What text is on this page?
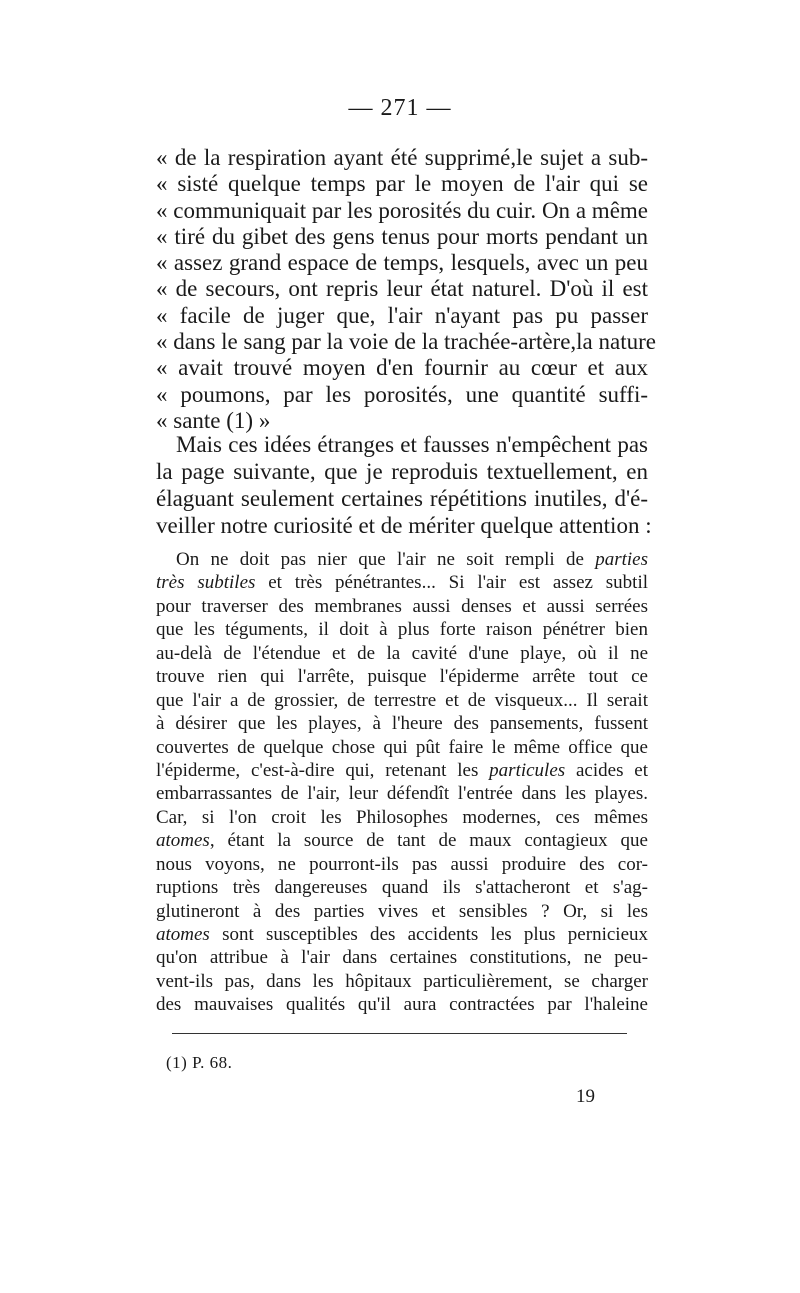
— 271 —
« de la respiration ayant été supprimé,le sujet a sub-
« sisté quelque temps par le moyen de l'air qui se
« communiquait par les porosités du cuir. On a même
« tiré du gibet des gens tenus pour morts pendant un
« assez grand espace de temps, lesquels, avec un peu
« de secours, ont repris leur état naturel. D'où il est
« facile de juger que, l'air n'ayant pas pu passer
« dans le sang par la voie de la trachée-artère,la nature
« avait trouvé moyen d'en fournir au cœur et aux
« poumons, par les porosités, une quantité suffi-
« sante (1) »
Mais ces idées étranges et fausses n'empêchent pas
la page suivante, que je reproduis textuellement, en
élaguant seulement certaines répétitions inutiles, d'é-
veiller notre curiosité et de mériter quelque attention :
On ne doit pas nier que l'air ne soit rempli de parties
très subtiles et très pénétrantes... Si l'air est assez subtil
pour traverser des membranes aussi denses et aussi serrées
que les téguments, il doit à plus forte raison pénétrer bien
au-delà de l'étendue et de la cavité d'une playe, où il ne
trouve rien qui l'arrête, puisque l'épiderme arrête tout ce
que l'air a de grossier, de terrestre et de visqueux... Il serait
à désirer que les playes, à l'heure des pansements, fussent
couvertes de quelque chose qui pût faire le même office que
l'épiderme, c'est-à-dire qui, retenant les particules acides et
embarrassantes de l'air, leur défendît l'entrée dans les playes.
Car, si l'on croit les Philosophes modernes, ces mêmes
atomes, étant la source de tant de maux contagieux que
nous voyons, ne pourront-ils pas aussi produire des cor-
ruptions très dangereuses quand ils s'attacheront et s'ag-
glutineront à des parties vives et sensibles ? Or, si les
atomes sont susceptibles des accidents les plus pernicieux
qu'on attribue à l'air dans certaines constitutions, ne peu-
vent-ils pas, dans les hôpitaux particulièrement, se charger
des mauvaises qualités qu'il aura contractées par l'haleine
(1) P. 68.
19
